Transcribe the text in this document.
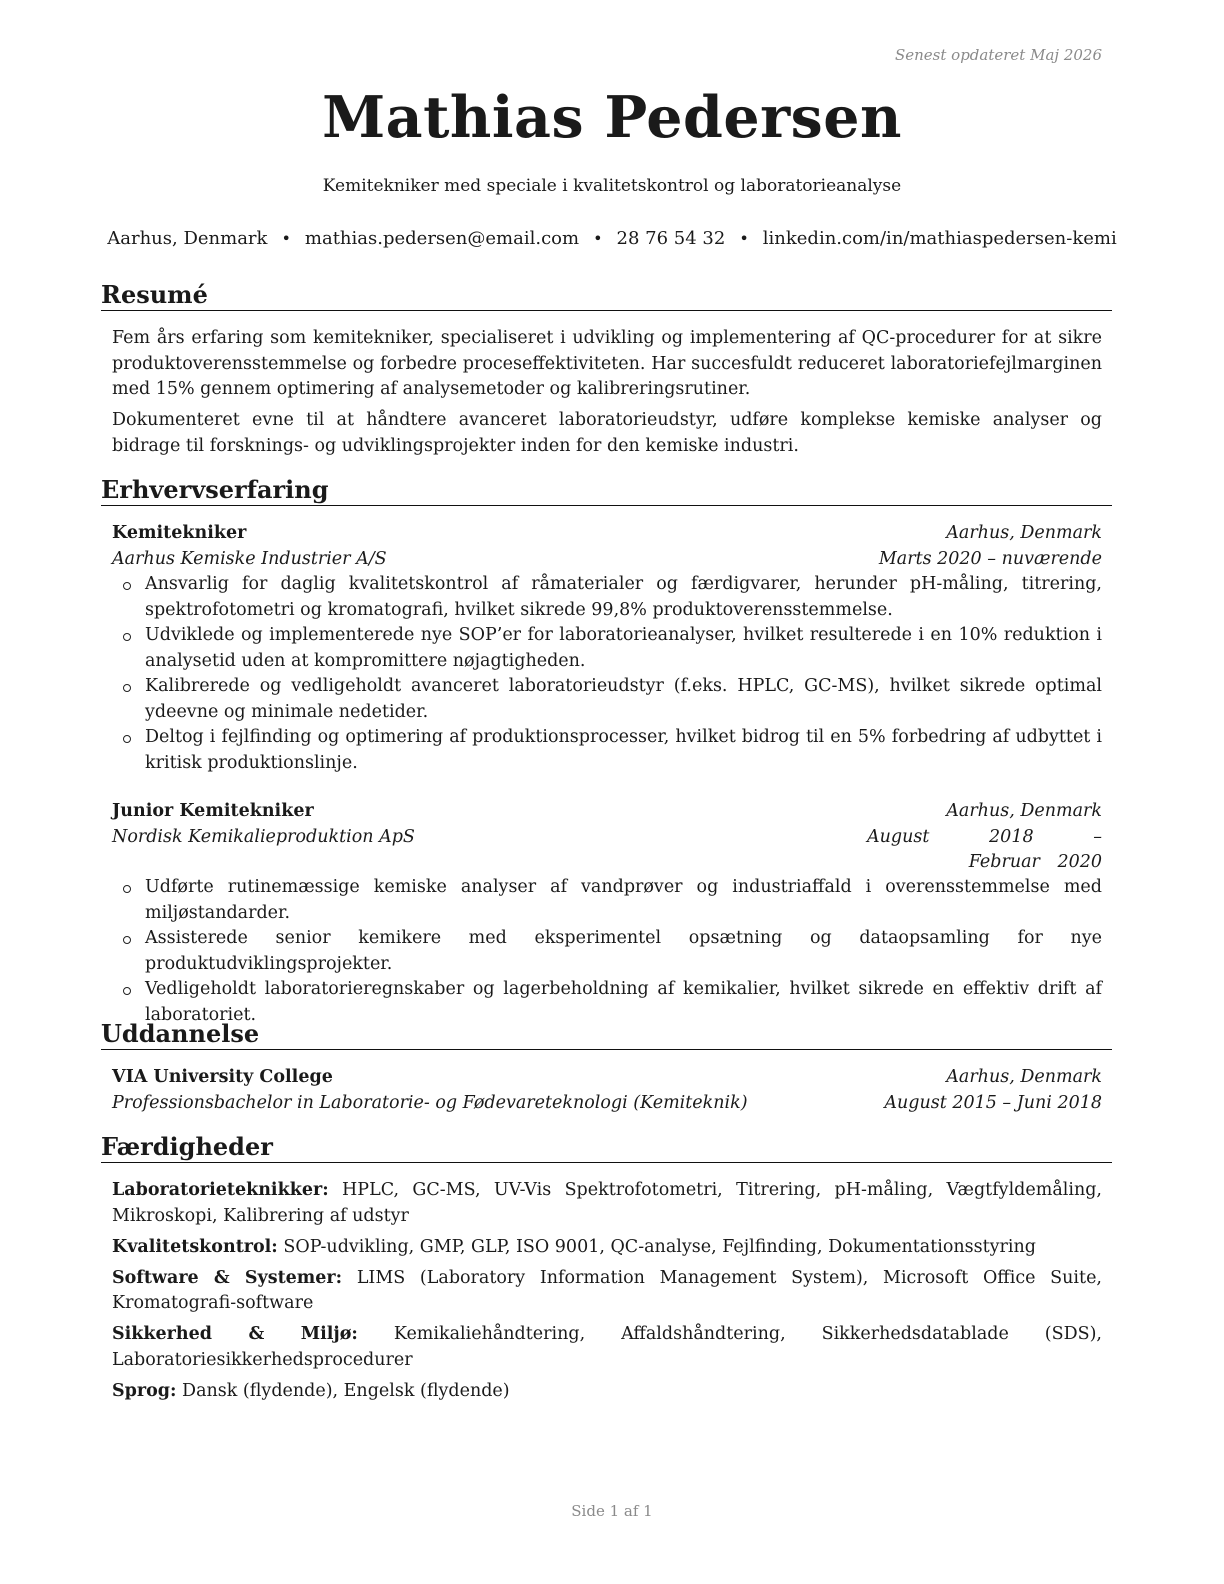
Senest opdateret Maj 2026
Mathias Pedersen
Kemitekniker med speciale i kvalitetskontrol og laboratorieanalyse
Aarhus, Denmark • mathias.pedersen@email.com • 28 76 54 32 • linkedin.com/in/mathiaspedersen-kemi
Resumé
Fem års erfaring som kemitekniker, specialiseret i udvikling og implementering af QC-procedurer for at sikre produktoverensstemmelse og forbedre proceseffektiviteten. Har succesfuldt reduceret laboratoriefejlmarginen med 15% gennem optimering af analysemetoder og kalibreringsrutiner.
Dokumenteret evne til at håndtere avanceret laboratorieudstyr, udføre komplekse kemiske analyser og bidrage til forsknings- og udviklingsprojekter inden for den kemiske industri.
Erhvervserfaring
Kemitekniker	Aarhus, Denmark
Aarhus Kemiske Industrier A/S	Marts 2020 – nuværende
Ansvarlig for daglig kvalitetskontrol af råmaterialer og færdigvarer, herunder pH-måling, titrering, spektrofotometri og kromatografi, hvilket sikrede 99,8% produktoverensstemmelse.
Udviklede og implementerede nye SOP’er for laboratorieanalyser, hvilket resulterede i en 10% reduktion i analysetid uden at kompromittere nøjagtigheden.
Kalibrerede og vedligeholdt avanceret laboratorieudstyr (f.eks. HPLC, GC-MS), hvilket sikrede optimal ydeevne og minimale nedetider.
Deltog i fejlfinding og optimering af produktionsprocesser, hvilket bidrog til en 5% forbedring af udbyttet i kritisk produktionslinje.
Junior Kemitekniker	Aarhus, Denmark
Nordisk Kemikalieproduktion ApS	August 2018 – Februar 2020
Udførte rutinemæssige kemiske analyser af vandprøver og industriaffald i overensstemmelse med miljøstandarder.
Assisterede senior kemikere med eksperimentel opsætning og dataopsamling for nye produktudviklingsprojekter.
Vedligeholdt laboratorieregnskaber og lagerbeholdning af kemikalier, hvilket sikrede en effektiv drift af laboratoriet.
Uddannelse
VIA University College	Aarhus, Denmark
Professionsbachelor in Laboratorie- og Fødevareteknologi (Kemiteknik)	August 2015 – Juni 2018
Færdigheder
Laboratorieteknikker: HPLC, GC-MS, UV-Vis Spektrofotometri, Titrering, pH-måling, Vægtfyldemåling, Mikroskopi, Kalibrering af udstyr
Kvalitetskontrol: SOP-udvikling, GMP, GLP, ISO 9001, QC-analyse, Fejlfinding, Dokumentationsstyring
Software & Systemer: LIMS (Laboratory Information Management System), Microsoft Office Suite, Kromatografi-software
Sikkerhed & Miljø: Kemikaliehåndtering, Affaldshåndtering, Sikkerhedsdatablade (SDS), Laboratoriesikkerhedsprocedurer
Sprog: Dansk (flydende), Engelsk (flydende)
Side 1 af 1
